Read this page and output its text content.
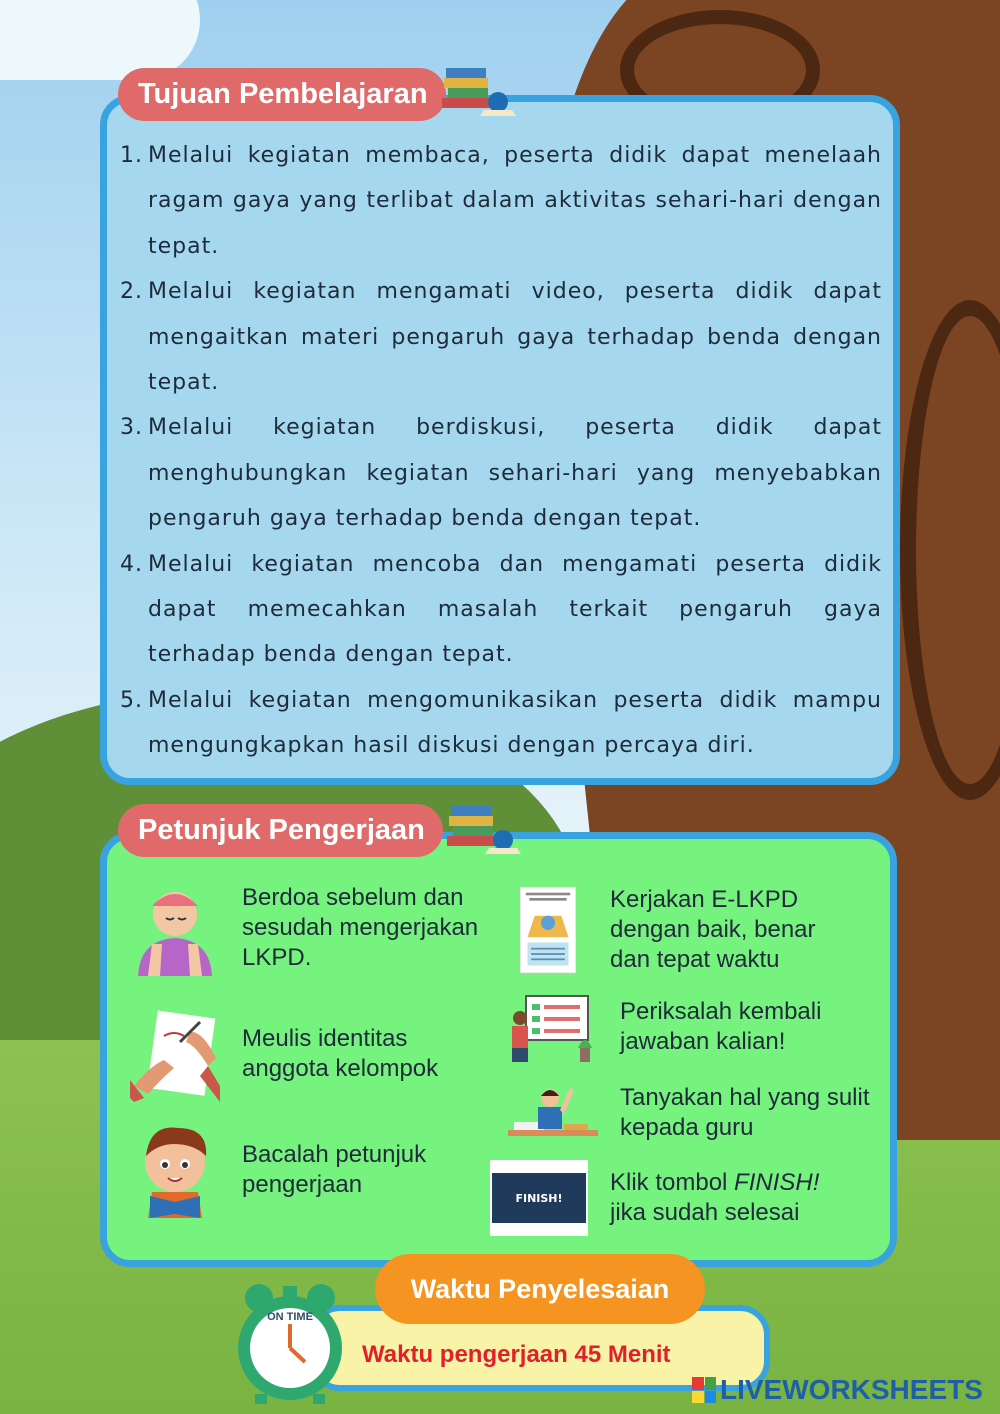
Tujuan Pembelajaran
1. Melalui kegiatan membaca, peserta didik dapat menelaah ragam gaya yang terlibat dalam aktivitas sehari-hari dengan tepat.
2. Melalui kegiatan mengamati video, peserta didik dapat mengaitkan materi pengaruh gaya terhadap benda dengan tepat.
3. Melalui kegiatan berdiskusi, peserta didik dapat menghubungkan kegiatan sehari-hari yang menyebabkan pengaruh gaya terhadap benda dengan tepat.
4. Melalui kegiatan mencoba dan mengamati peserta didik dapat memecahkan masalah terkait pengaruh gaya terhadap benda dengan tepat.
5. Melalui kegiatan mengomunikasikan peserta didik mampu mengungkapkan hasil diskusi dengan percaya diri.
Petunjuk Pengerjaan
Berdoa sebelum dan sesudah mengerjakan LKPD.
Meulis identitas anggota kelompok
Bacalah petunjuk pengerjaan
Kerjakan E-LKPD dengan baik, benar dan tepat waktu
Periksalah kembali jawaban kalian!
Tanyakan hal yang sulit kepada guru
FINISH!
Klik tombol FINISH! jika sudah selesai
Waktu Penyelesaian
Waktu pengerjaan 45 Menit
ON TIME
LIVEWORKSHEETS
